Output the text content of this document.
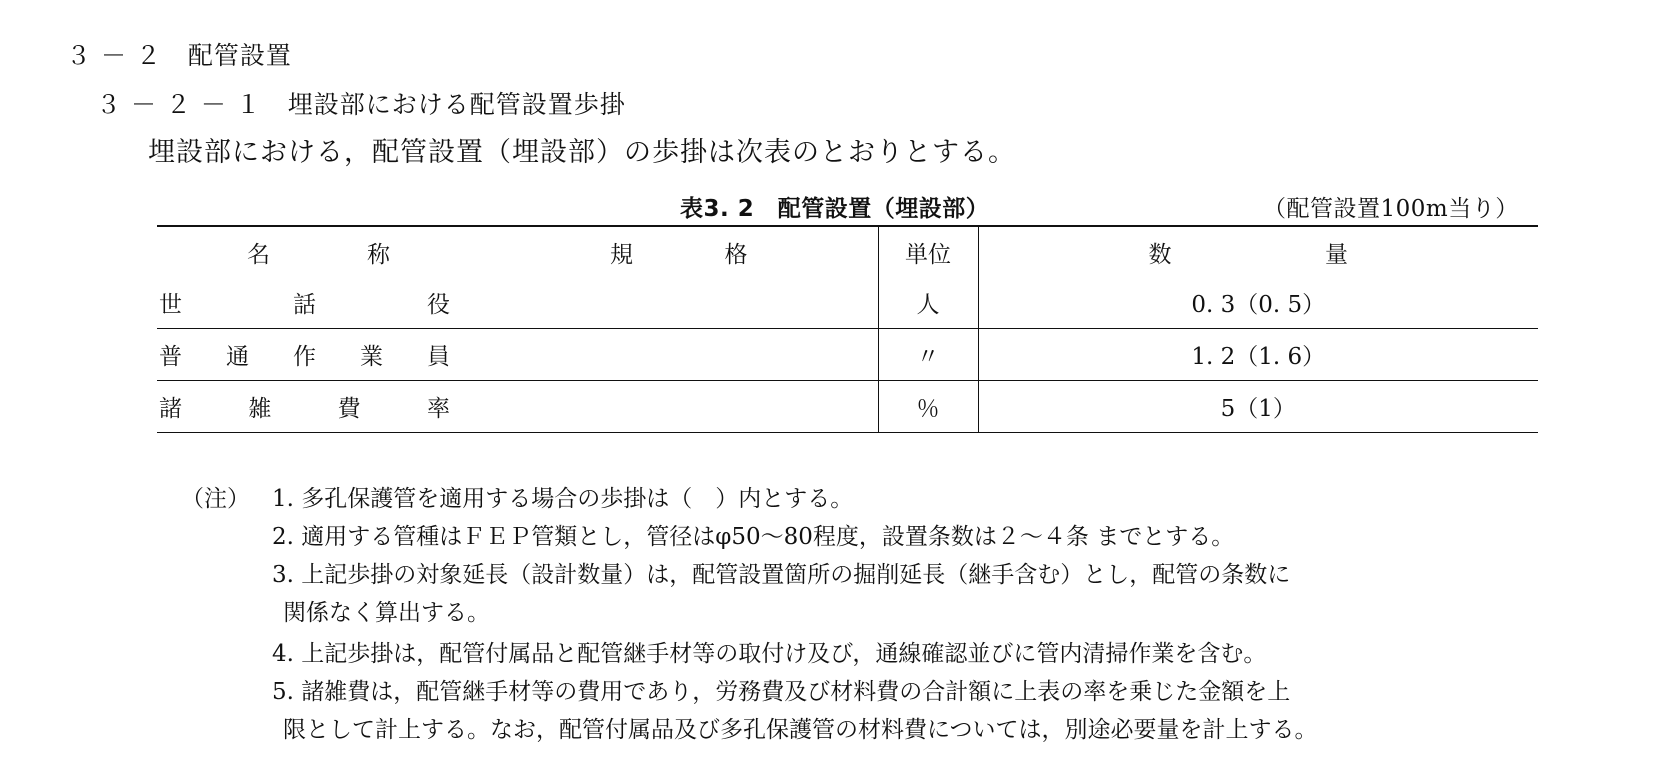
３ － ２　配管設置
３ － ２ － １　埋設部における配管設置歩掛
埋設部における，配管設置（埋設部）の歩掛は次表のとおりとする。
表3. 2　配管設置（埋設部）	（配管設置100m当り）
名 称	規 格	単位	数 量

世 話 役		人	0. 3（0. 5）

普 通 作 業 員		〃	1. 2（1. 6）

諸 雑 費 率		％	5（1）
（注） 1. 多孔保護管を適用する場合の歩掛は（　）内とする。
2. 適用する管種はＦＥＰ管類とし，管径はφ50～80程度，設置条数は２～４条 までとする。
3. 上記歩掛の対象延長（設計数量）は，配管設置箇所の掘削延長（継手含む）とし，配管の条数に
関係なく算出する。
4. 上記歩掛は，配管付属品と配管継手材等の取付け及び，通線確認並びに管内清掃作業を含む。
5. 諸雑費は，配管継手材等の費用であり，労務費及び材料費の合計額に上表の率を乗じた金額を上
限として計上する。なお，配管付属品及び多孔保護管の材料費については，別途必要量を計上する。
